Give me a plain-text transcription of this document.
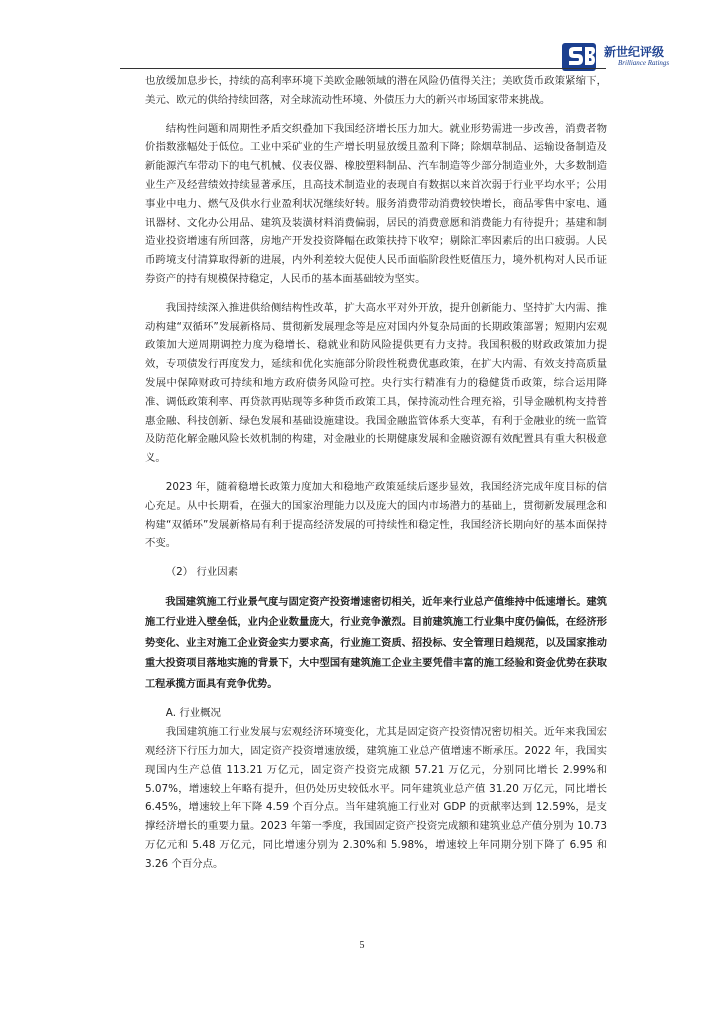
新世纪评级
Brilliance Ratings

也放缓加息步长，持续的高利率环境下美欧金融领域的潜在风险仍值得关注；美欧货币政策紧缩下，美元、欧元的供给持续回落，对全球流动性环境、外债压力大的新兴市场国家带来挑战。

结构性问题和周期性矛盾交织叠加下我国经济增长压力加大。就业形势需进一步改善，消费者物价指数涨幅处于低位。工业中采矿业的生产增长明显放缓且盈利下降；除烟草制品、运输设备制造及新能源汽车带动下的电气机械、仪表仪器、橡胶塑料制品、汽车制造等少部分制造业外，大多数制造业生产及经营绩效持续显著承压，且高技术制造业的表现自有数据以来首次弱于行业平均水平；公用事业中电力、燃气及供水行业盈利状况继续好转。服务消费带动消费较快增长，商品零售中家电、通讯器材、文化办公用品、建筑及装潢材料消费偏弱，居民的消费意愿和消费能力有待提升；基建和制造业投资增速有所回落，房地产开发投资降幅在政策扶持下收窄；剔除汇率因素后的出口疲弱。人民币跨境支付清算取得新的进展，内外利差较大促使人民币面临阶段性贬值压力，境外机构对人民币证券资产的持有规模保持稳定，人民币的基本面基础较为坚实。

我国持续深入推进供给侧结构性改革，扩大高水平对外开放，提升创新能力、坚持扩大内需、推动构建“双循环”发展新格局、贯彻新发展理念等是应对国内外复杂局面的长期政策部署；短期内宏观政策加大逆周期调控力度为稳增长、稳就业和防风险提供更有力支持。我国积极的财政政策加力提效，专项债发行再度发力，延续和优化实施部分阶段性税费优惠政策，在扩大内需、有效支持高质量发展中保障财政可持续和地方政府债务风险可控。央行实行精准有力的稳健货币政策，综合运用降准、调低政策利率、再贷款再贴现等多种货币政策工具，保持流动性合理充裕，引导金融机构支持普惠金融、科技创新、绿色发展和基础设施建设。我国金融监管体系大变革，有利于金融业的统一监管及防范化解金融风险长效机制的构建，对金融业的长期健康发展和金融资源有效配置具有重大积极意义。

2023 年，随着稳增长政策力度加大和稳地产政策延续后逐步显效，我国经济完成年度目标的信心充足。从中长期看，在强大的国家治理能力以及庞大的国内市场潜力的基础上，贯彻新发展理念和构建“双循环”发展新格局有利于提高经济发展的可持续性和稳定性，我国经济长期向好的基本面保持不变。

（2） 行业因素

我国建筑施工行业景气度与固定资产投资增速密切相关，近年来行业总产值维持中低速增长。建筑施工行业进入壁垒低，业内企业数量庞大，行业竞争激烈。目前建筑施工行业集中度仍偏低，在经济形势变化、业主对施工企业资金实力要求高，行业施工资质、招投标、安全管理日趋规范，以及国家推动重大投资项目落地实施的背景下，大中型国有建筑施工企业主要凭借丰富的施工经验和资金优势在获取工程承揽方面具有竞争优势。

A. 行业概况

我国建筑施工行业发展与宏观经济环境变化，尤其是固定资产投资情况密切相关。近年来我国宏观经济下行压力加大，固定资产投资增速放缓，建筑施工业总产值增速不断承压。2022 年，我国实现国内生产总值 113.21 万亿元，固定资产投资完成额 57.21 万亿元，分别同比增长 2.99%和 5.07%，增速较上年略有提升，但仍处历史较低水平。同年建筑业总产值 31.20 万亿元，同比增长 6.45%，增速较上年下降 4.59 个百分点。当年建筑施工行业对 GDP 的贡献率达到 12.59%，是支撑经济增长的重要力量。2023 年第一季度，我国固定资产投资完成额和建筑业总产值分别为 10.73 万亿元和 5.48 万亿元，同比增速分别为 2.30%和 5.98%，增速较上年同期分别下降了 6.95 和 3.26 个百分点。

5
